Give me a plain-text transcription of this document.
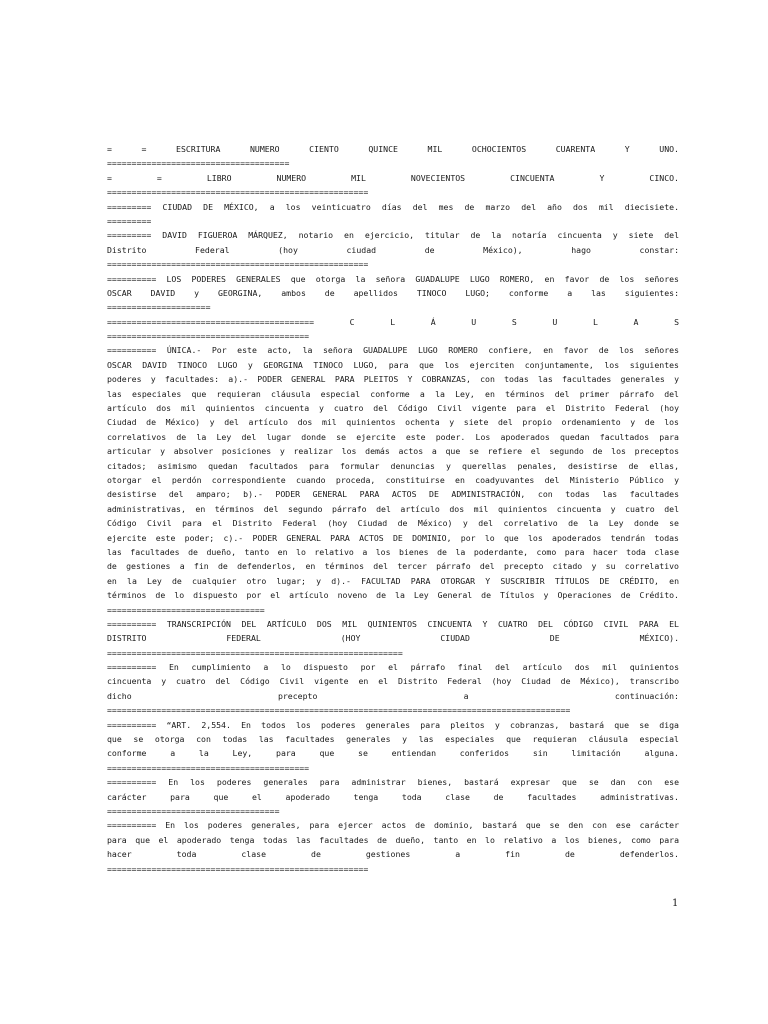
= = ESCRITURA NUMERO CIENTO QUINCE MIL OCHOCIENTOS CUARENTA Y UNO.
=====================================
= = LIBRO NUMERO MIL NOVECIENTOS CINCUENTA Y CINCO.
=====================================================
========= CIUDAD DE MÉXICO, a los veinticuatro días del mes de marzo del año dos mil diecisiete.
=========
========= DAVID FIGUEROA MÁRQUEZ, notario en ejercicio, titular de la notaría cincuenta y siete del
Distrito Federal (hoy ciudad de México), hago constar:
=====================================================
========== LOS PODERES GENERALES que otorga la señora GUADALUPE LUGO ROMERO, en favor de los señores
OSCAR DAVID y GEORGINA, ambos de apellidos TINOCO LUGO; conforme a las siguientes:
=====================
========================================== C L Á U S U L A S
=========================================
========== ÚNICA.- Por este acto, la señora GUADALUPE LUGO ROMERO confiere, en favor de los señores
OSCAR DAVID TINOCO LUGO y GEORGINA TINOCO LUGO, para que los ejerciten conjuntamente, los siguientes
poderes y facultades: a).- PODER GENERAL PARA PLEITOS Y COBRANZAS, con todas las facultades generales y
las especiales que requieran cláusula especial conforme a la Ley, en términos del primer párrafo del
artículo dos mil quinientos cincuenta y cuatro del Código Civil vigente para el Distrito Federal (hoy
Ciudad de México) y del artículo dos mil quinientos ochenta y siete del propio ordenamiento y de los
correlativos de la Ley del lugar donde se ejercite este poder. Los apoderados quedan facultados para
articular y absolver posiciones y realizar los demás actos a que se refiere el segundo de los preceptos
citados; asimismo quedan facultados para formular denuncias y querellas penales, desistirse de ellas,
otorgar el perdón correspondiente cuando proceda, constituirse en coadyuvantes del Ministerio Público y
desistirse del amparo; b).- PODER GENERAL PARA ACTOS DE ADMINISTRACIÓN, con todas las facultades
administrativas, en términos del segundo párrafo del artículo dos mil quinientos cincuenta y cuatro del
Código Civil para el Distrito Federal (hoy Ciudad de México) y del correlativo de la Ley donde se
ejercite este poder; c).- PODER GENERAL PARA ACTOS DE DOMINIO, por lo que los apoderados tendrán todas
las facultades de dueño, tanto en lo relativo a los bienes de la poderdante, como para hacer toda clase
de gestiones a fin de defenderlos, en términos del tercer párrafo del precepto citado y su correlativo
en la Ley de cualquier otro lugar; y d).- FACULTAD PARA OTORGAR Y SUSCRIBIR TÍTULOS DE CRÉDITO, en
términos de lo dispuesto por el artículo noveno de la Ley General de Títulos y Operaciones de Crédito.
================================
========== TRANSCRIPCIÓN DEL ARTÍCULO DOS MIL QUINIENTOS CINCUENTA Y CUATRO DEL CÓDIGO CIVIL PARA EL
DISTRITO FEDERAL (HOY CIUDAD DE MÉXICO).
============================================================
========== En cumplimiento a lo dispuesto por el párrafo final del artículo dos mil quinientos
cincuenta y cuatro del Código Civil vigente en el Distrito Federal (hoy Ciudad de México), transcribo
dicho precepto a continuación:
==============================================================================================
========== “ART. 2,554. En todos los poderes generales para pleitos y cobranzas, bastará que se diga
que se otorga con todas las facultades generales y las especiales que requieran cláusula especial
conforme a la Ley, para que se entiendan conferidos sin limitación alguna.
=========================================
========== En los poderes generales para administrar bienes, bastará expresar que se dan con ese
carácter para que el apoderado tenga toda clase de facultades administrativas.
===================================
========== En los poderes generales, para ejercer actos de dominio, bastará que se den con ese carácter
para que el apoderado tenga todas las facultades de dueño, tanto en lo relativo a los bienes, como para
hacer toda clase de gestiones a fin de defenderlos.
=====================================================
1
